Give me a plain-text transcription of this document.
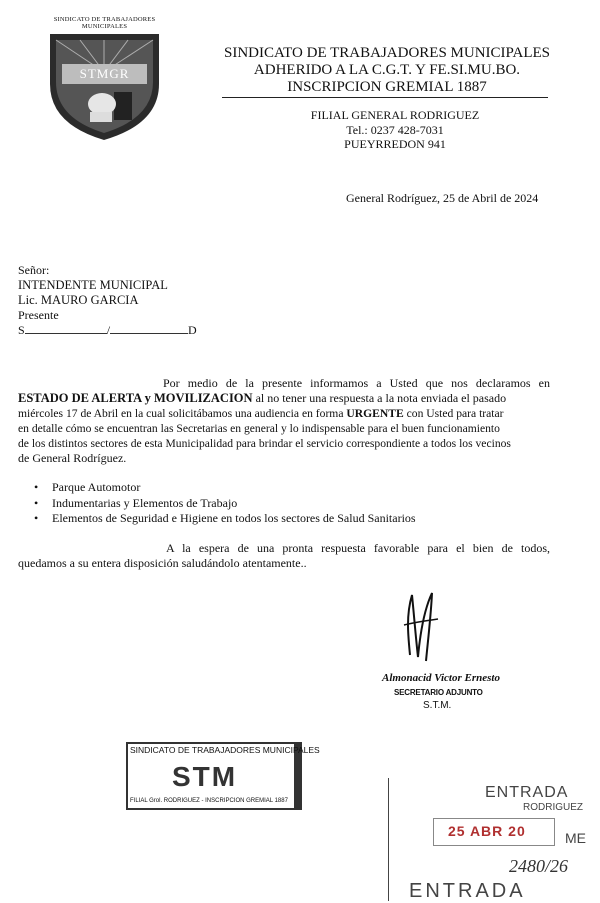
SINDICATO DE TRABAJADORES MUNICIPALES
STMGR
SINDICATO DE TRABAJADORES MUNICIPALES
ADHERIDO A LA C.G.T. Y FE.SI.MU.BO.
INSCRIPCION GREMIAL 1887
FILIAL GENERAL RODRIGUEZ
Tel.: 0237 428-7031
PUEYRREDON 941
General Rodríguez, 25 de Abril de 2024
Señor:
INTENDENTE MUNICIPAL
Lic. MAURO GARCIA
Presente
S	/	D
Por medio de la presente informamos a Usted que nos declaramos en
ESTADO DE ALERTA y MOVILIZACION al no tener una respuesta a la nota enviada el pasado
miércoles 17 de Abril en la cual solicitábamos una audiencia en forma URGENTE con Usted para tratar
en detalle cómo se encuentran las Secretarias en general y lo indispensable para el buen funcionamiento
de los distintos sectores de esta Municipalidad para brindar el servicio correspondiente a todos los vecinos
de General Rodríguez.
• Parque Automotor
• Indumentarias y Elementos de Trabajo
• Elementos de Seguridad e Higiene en todos los sectores de Salud Sanitarios
A la espera de una pronta respuesta favorable para el bien de todos,
quedamos a su entera disposición saludándolo atentamente..
Almonacid Victor Ernesto
SECRETARIO ADJUNTO
S.T.M.
SINDICATO DE TRABAJADORES MUNICIPALES
STM
FILIAL Grol. RODRIGUEZ - INSCRIPCION GREMIAL 1887	ENTRADA
RODRIGUEZ
25 ABR 20	ME
2480/26
ENTRADA
